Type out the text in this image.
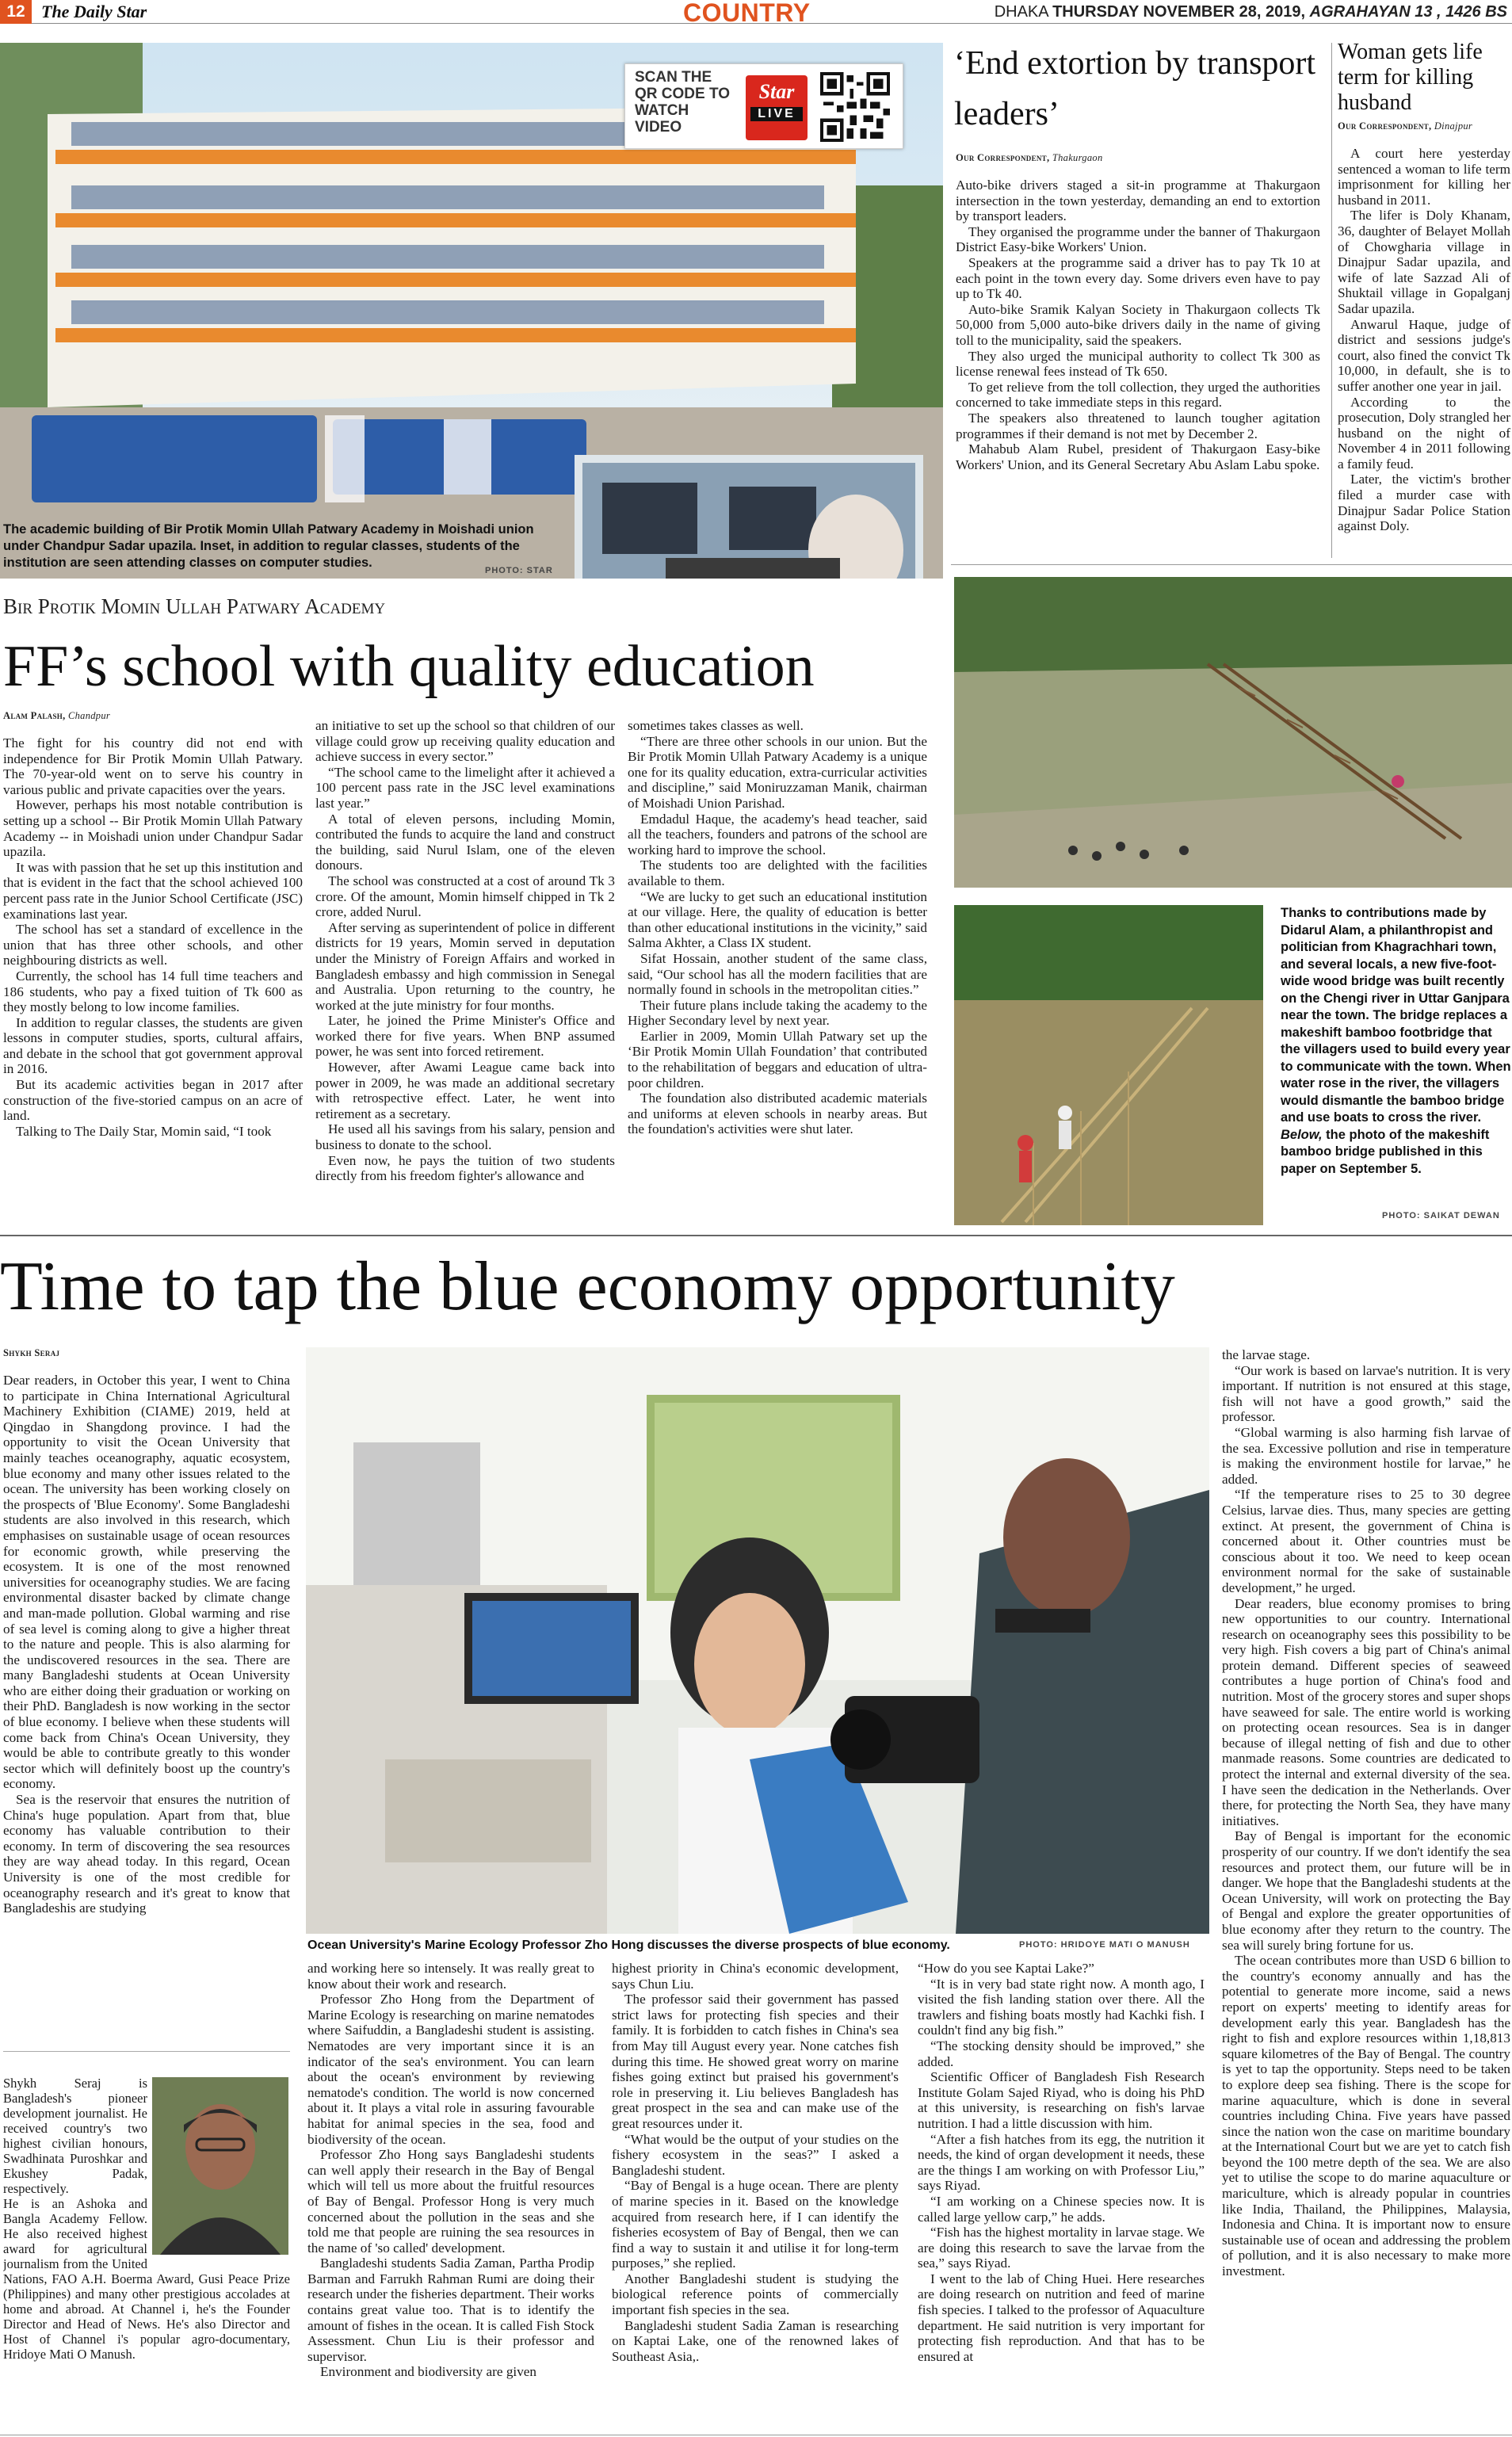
12 The Daily Star	COUNTRY	DHAKA THURSDAY NOVEMBER 28, 2019, AGRAHAYAN 13 , 1426 BS
SCAN THE QR CODE TO WATCH VIDEO
Star
LIVE
The academic building of Bir Protik Momin Ullah Patwary Academy in Moishadi union under Chandpur Sadar upazila. Inset, in addition to regular classes, students of the institution are seen attending classes on computer studies.
PHOTO: STAR
‘End extortion by transport leaders’
Our Correspondent, Thakurgaon

Auto-bike drivers staged a sit-in programme at Thakurgaon intersection in the town yesterday, demanding an end to extortion by transport leaders.

They organised the programme under the banner of Thakurgaon District Easy-bike Workers' Union.

Speakers at the programme said a driver has to pay Tk 10 at each point in the town every day. Some drivers even have to pay up to Tk 40.

Auto-bike Sramik Kalyan Society in Thakurgaon collects Tk 50,000 from 5,000 auto-bike drivers daily in the name of giving toll to the municipality, said the speakers.

They also urged the municipal authority to collect Tk 300 as license renewal fees instead of Tk 650.

To get relieve from the toll collection, they urged the authorities concerned to take immediate steps in this regard.

The speakers also threatened to launch tougher agitation programmes if their demand is not met by December 2.

Mahabub Alam Rubel, president of Thakurgaon Easy-bike Workers' Union, and its General Secretary Abu Aslam Labu spoke.

Woman gets life term for killing husband
Our Correspondent, Dinajpur

A court here yesterday sentenced a woman to life term imprisonment for killing her husband in 2011.

The lifer is Doly Khanam, 36, daughter of Belayet Mollah of Chowgharia village in Dinajpur Sadar upazila, and wife of late Sazzad Ali of Shuktail village in Gopalganj Sadar upazila.

Anwarul Haque, judge of district and sessions judge's court, also fined the convict Tk 10,000, in default, she is to suffer another one year in jail.

According to the prosecution, Doly strangled her husband on the night of November 4 in 2011 following a family feud.

Later, the victim's brother filed a murder case with Dinajpur Sadar Police Station against Doly.

Bir Protik Momin Ullah Patwary Academy
FF’s school with quality education
Alam Palash, Chandpur

The fight for his country did not end with independence for Bir Protik Momin Ullah Patwary. The 70-year-old went on to serve his country in various public and private capacities over the years.

However, perhaps his most notable contribution is setting up a school -- Bir Protik Momin Ullah Patwary Academy -- in Moishadi union under Chandpur Sadar upazila.

It was with passion that he set up this institution and that is evident in the fact that the school achieved 100 percent pass rate in the Junior School Certificate (JSC) examinations last year.

The school has set a standard of excellence in the union that has three other schools, and other neighbouring districts as well.

Currently, the school has 14 full time teachers and 186 students, who pay a fixed tuition of Tk 600 as they mostly belong to low income families.

In addition to regular classes, the students are given lessons in computer studies, sports, cultural affairs, and debate in the school that got government approval in 2016.

But its academic activities began in 2017 after construction of the five-storied campus on an acre of land.

Talking to The Daily Star, Momin said, “I took

an initiative to set up the school so that children of our village could grow up receiving quality education and achieve success in every sector.”

“The school came to the limelight after it achieved a 100 percent pass rate in the JSC level examinations last year.”

A total of eleven persons, including Momin, contributed the funds to acquire the land and construct the building, said Nurul Islam, one of the eleven donours.

The school was constructed at a cost of around Tk 3 crore. Of the amount, Momin himself chipped in Tk 2 crore, added Nurul.

After serving as superintendent of police in different districts for 19 years, Momin served in deputation under the Ministry of Foreign Affairs and worked in Bangladesh embassy and high commission in Senegal and Australia. Upon returning to the country, he worked at the jute ministry for four months.

Later, he joined the Prime Minister's Office and worked there for five years. When BNP assumed power, he was sent into forced retirement.

However, after Awami League came back into power in 2009, he was made an additional secretary with retrospective effect. Later, he went into retirement as a secretary.

He used all his savings from his salary, pension and business to donate to the school.

Even now, he pays the tuition of two students directly from his freedom fighter's allowance and

sometimes takes classes as well.

“There are three other schools in our union. But the Bir Protik Momin Ullah Patwary Academy is a unique one for its quality education, extra-curricular activities and discipline,” said Moniruzzaman Manik, chairman of Moishadi Union Parishad.

Emdadul Haque, the academy's head teacher, said all the teachers, founders and patrons of the school are working hard to improve the school.

The students too are delighted with the facilities available to them.

“We are lucky to get such an educational institution at our village. Here, the quality of education is better than other educational institutions in the vicinity,” said Salma Akhter, a Class IX student.

Sifat Hossain, another student of the same class, said, “Our school has all the modern facilities that are normally found in schools in the metropolitan cities.”

Their future plans include taking the academy to the Higher Secondary level by next year.

Earlier in 2009, Momin Ullah Patwary set up the ‘Bir Protik Momin Ullah Foundation’ that contributed to the rehabilitation of beggars and education of ultra-poor children.

The foundation also distributed academic materials and uniforms at eleven schools in nearby areas. But the foundation's activities were shut later.

Thanks to contributions made by Didarul Alam, a philanthropist and politician from Khagrachhari town, and several locals, a new five-foot-wide wood bridge was built recently on the Chengi river in Uttar Ganjpara near the town. The bridge replaces a makeshift bamboo footbridge that the villagers used to build every year to communicate with the town. When water rose in the river, the villagers would dismantle the bamboo bridge and use boats to cross the river. Below, the photo of the makeshift bamboo bridge published in this paper on September 5.
PHOTO: SAIKAT DEWAN
Time to tap the blue economy opportunity
Shykh Seraj

Dear readers, in October this year, I went to China to participate in China International Agricultural Machinery Exhibition (CIAME) 2019, held at Qingdao in Shangdong province. I had the opportunity to visit the Ocean University that mainly teaches oceanography, aquatic ecosystem, blue economy and many other issues related to the ocean. The university has been working closely on the prospects of 'Blue Economy'. Some Bangladeshi students are also involved in this research, which emphasises on sustainable usage of ocean resources for economic growth, while preserving the ecosystem. It is one of the most renowned universities for oceanography studies. We are facing environmental disaster backed by climate change and man-made pollution. Global warming and rise of sea level is coming along to give a higher threat to the nature and people. This is also alarming for the undiscovered resources in the sea. There are many Bangladeshi students at Ocean University who are either doing their graduation or working on their PhD. Bangladesh is now working in the sector of blue economy. I believe when these students will come back from China's Ocean University, they would be able to contribute greatly to this wonder sector which will definitely boost up the country's economy.

Sea is the reservoir that ensures the nutrition of China's huge population. Apart from that, blue economy has valuable contribution to their economy. In term of discovering the sea resources they are way ahead today. In this regard, Ocean University is one of the most credible for oceanography research and it's great to know that Bangladeshis are studying

Ocean University's Marine Ecology Professor Zho Hong discusses the diverse prospects of blue economy.	PHOTO: HRIDOYE MATI O MANUSH

and working here so intensely. It was really great to know about their work and research.

Professor Zho Hong from the Department of Marine Ecology is researching on marine nematodes where Saifuddin, a Bangladeshi student is assisting. Nematodes are very important since it is an indicator of the sea's environment. You can learn about the ocean's environment by reviewing nematode's condition. The world is now concerned about it. It plays a vital role in assuring favourable habitat for animal species in the sea, food and biodiversity of the ocean.

Professor Zho Hong says Bangladeshi students can well apply their research in the Bay of Bengal which will tell us more about the fruitful resources of Bay of Bengal. Professor Hong is very much concerned about the pollution in the seas and she told me that people are ruining the sea resources in the name of 'so called' development.

Bangladeshi students Sadia Zaman, Partha Prodip Barman and Farrukh Rahman Rumi are doing their research under the fisheries department. Their works contains great value too. That is to identify the amount of fishes in the ocean. It is called Fish Stock Assessment. Chun Liu is their professor and supervisor.

Environment and biodiversity are given

highest priority in China's economic development, says Chun Liu.

The professor said their government has passed strict laws for protecting fish species and their family. It is forbidden to catch fishes in China's sea from May till August every year. None catches fish during this time. He showed great worry on marine fishes going extinct but praised his government's role in preserving it. Liu believes Bangladesh has great prospect in the sea and can make use of the great resources under it.

“What would be the output of your studies on the fishery ecosystem in the seas?” I asked a Bangladeshi student.

“Bay of Bengal is a huge ocean. There are plenty of marine species in it. Based on the knowledge acquired from research here, if I can identify the fisheries ecosystem of Bay of Bengal, then we can find a way to sustain it and utilise it for long-term purposes,” she replied.

Another Bangladeshi student is studying the biological reference points of commercially important fish species in the sea.

Bangladeshi student Sadia Zaman is researching on Kaptai Lake, one of the renowned lakes of Southeast Asia,.

“How do you see Kaptai Lake?”

“It is in very bad state right now. A month ago, I visited the fish landing station over there. All the trawlers and fishing boats mostly had Kachki fish. I couldn't find any big fish.”

“The stocking density should be improved,” she added.

Scientific Officer of Bangladesh Fish Research Institute Golam Sajed Riyad, who is doing his PhD at this university, is researching on fish's larvae nutrition. I had a little discussion with him.

“After a fish hatches from its egg, the nutrition it needs, the kind of organ development it needs, these are the things I am working on with Professor Liu,” says Riyad.

“I am working on a Chinese species now. It is called large yellow carp,” he adds.

“Fish has the highest mortality in larvae stage. We are doing this research to save the larvae from the sea,” says Riyad.

I went to the lab of Ching Huei. Here researches are doing research on nutrition and feed of marine fish species. I talked to the professor of Aquaculture department. He said nutrition is very important for protecting fish reproduction. And that has to be ensured at

the larvae stage.

“Our work is based on larvae's nutrition. It is very important. If nutrition is not ensured at this stage, fish will not have a good growth,” said the professor.

“Global warming is also harming fish larvae of the sea. Excessive pollution and rise in temperature is making the environment hostile for larvae,” he added.

“If the temperature rises to 25 to 30 degree Celsius, larvae dies. Thus, many species are getting extinct. At present, the government of China is concerned about it. Other countries must be conscious about it too. We need to keep ocean environment normal for the sake of sustainable development,” he urged.

Dear readers, blue economy promises to bring new opportunities to our country. International research on oceanography sees this possibility to be very high. Fish covers a big part of China's animal protein demand. Different species of seaweed contributes a huge portion of China's food and nutrition. Most of the grocery stores and super shops have seaweed for sale. The entire world is working on protecting ocean resources. Sea is in danger because of illegal netting of fish and due to other manmade reasons. Some countries are dedicated to protect the internal and external diversity of the sea. I have seen the dedication in the Netherlands. Over there, for protecting the North Sea, they have many initiatives.

Bay of Bengal is important for the economic prosperity of our country. If we don't identify the sea resources and protect them, our future will be in danger. We hope that the Bangladeshi students at the Ocean University, will work on protecting the Bay of Bengal and explore the greater opportunities of blue economy after they return to the country. The sea will surely bring fortune for us.

The ocean contributes more than USD 6 billion to the country's economy annually and has the potential to generate more income, said a news report on experts' meeting to identify areas for development early this year. Bangladesh has the right to fish and explore resources within 1,18,813 square kilometres of the Bay of Bengal. The country is yet to tap the opportunity. Steps need to be taken to explore deep sea fishing. There is the scope for marine aquaculture, which is done in several countries including China. Five years have passed since the nation won the case on maritime boundary at the International Court but we are yet to catch fish beyond the 100 metre depth of the sea. We are also yet to utilise the scope to do marine aquaculture or mariculture, which is already popular in countries like India, Thailand, the Philippines, Malaysia, Indonesia and China. It is important now to ensure sustainable use of ocean and addressing the problem of pollution, and it is also necessary to make more investment.

Shykh Seraj is Bangladesh's pioneer development journalist. He received country's two highest civilian honours, Swadhinata Puroshkar and Ekushey Padak, respectively.

He is an Ashoka and Bangla Academy Fellow. He also received highest award for agricultural journalism from the United Nations, FAO A.H. Boerma Award, Gusi Peace Prize (Philippines) and many other prestigious accolades at home and abroad. At Channel i, he's the Founder Director and Head of News. He's also Director and Host of Channel i's popular agro-documentary, Hridoye Mati O Manush.
